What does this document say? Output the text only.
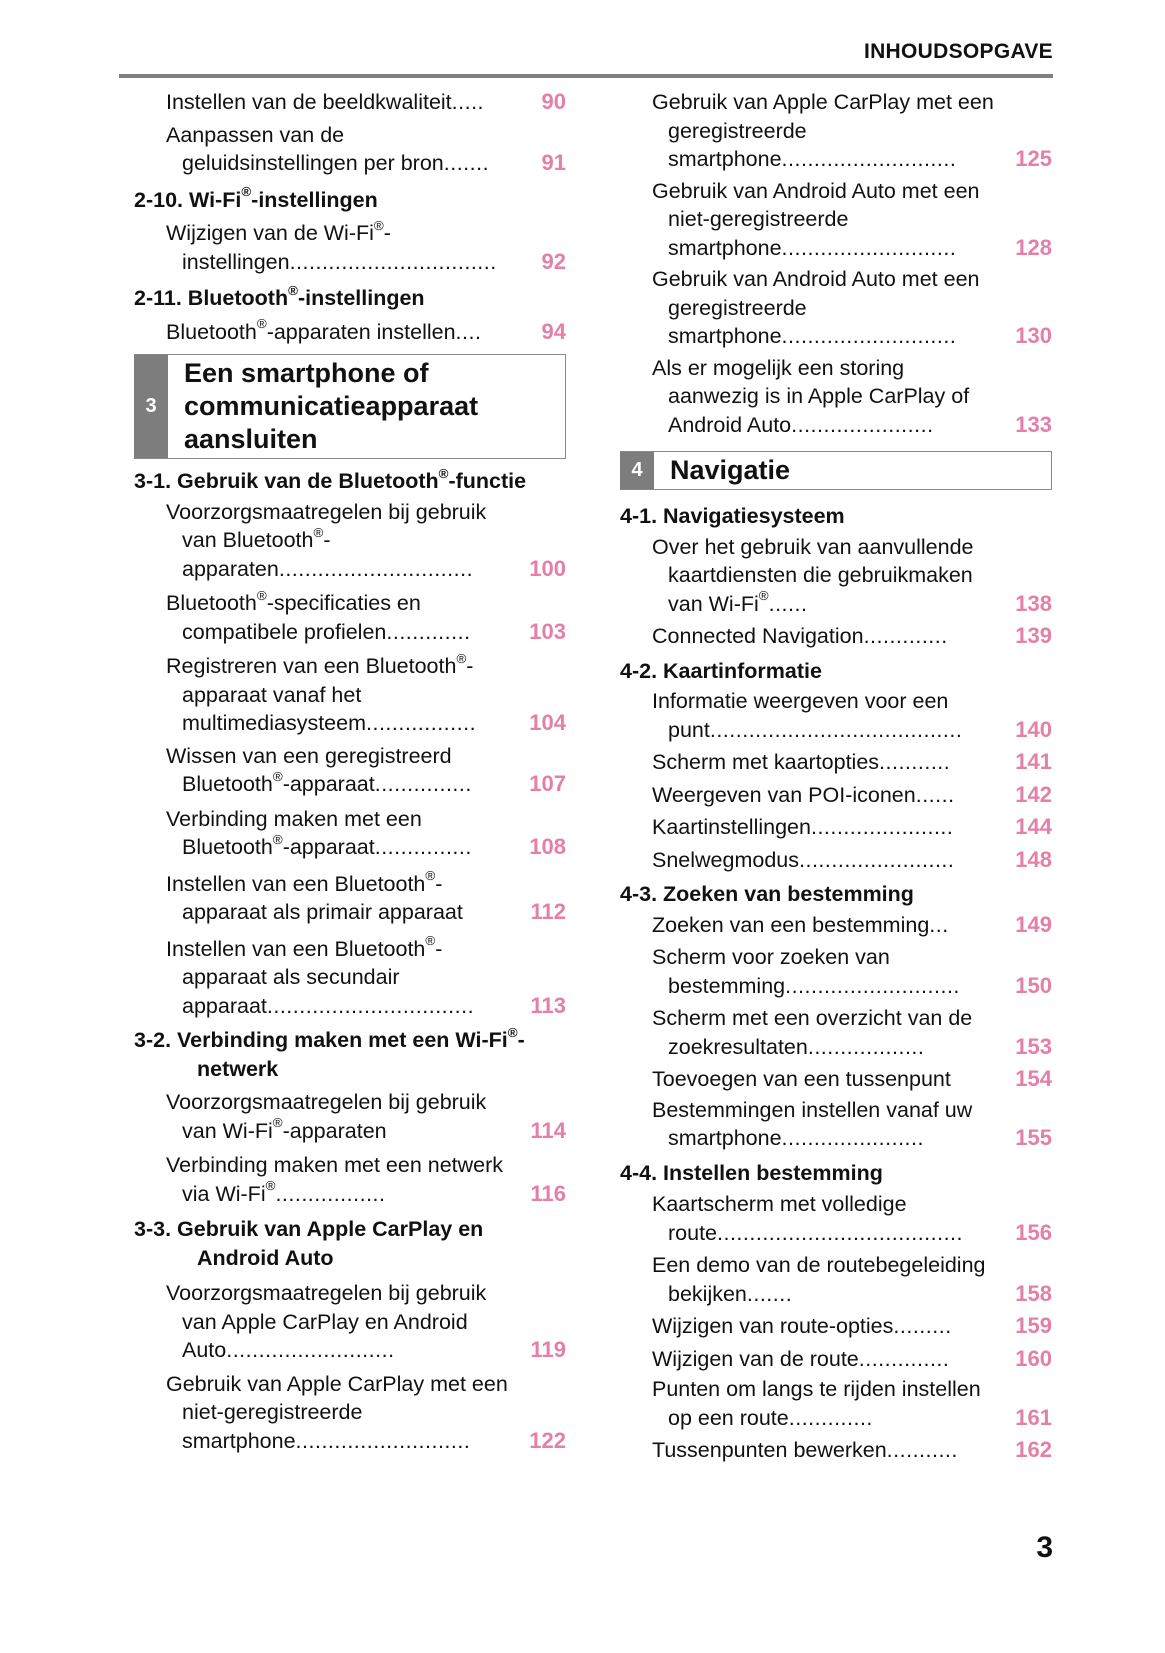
INHOUDSOPGAVE
Instellen van de beeldkwaliteit.....	90
Aanpassen van de geluidsinstellingen per bron.......	91
2-10. Wi-Fi®-instellingen
Wijzigen van de Wi-Fi®-instellingen................................	92
2-11. Bluetooth®-instellingen
Bluetooth®-apparaten instellen....	94
3
Een smartphone of
communicatieapparaat
aansluiten
3-1. Gebruik van de Bluetooth®-functie
Voorzorgsmaatregelen bij gebruik van Bluetooth®-apparaten..............................	100
Bluetooth®-specificaties en compatibele profielen.............	103
Registreren van een Bluetooth®-apparaat vanaf het multimediasysteem.................	104
Wissen van een geregistreerd Bluetooth®-apparaat...............	107
Verbinding maken met een Bluetooth®-apparaat...............	108
Instellen van een Bluetooth®-apparaat als primair apparaat	112
Instellen van een Bluetooth®-apparaat als secundair apparaat................................	113
3-2. Verbinding maken met een Wi-Fi®-netwerk
Voorzorgsmaatregelen bij gebruik van Wi-Fi®-apparaten	114
Verbinding maken met een netwerk via Wi-Fi®.................	116
3-3. Gebruik van Apple CarPlay en Android Auto
Voorzorgsmaatregelen bij gebruik van Apple CarPlay en Android Auto..........................	119
Gebruik van Apple CarPlay met een niet-geregistreerde smartphone...........................	122
Gebruik van Apple CarPlay met een geregistreerde smartphone...........................	125
Gebruik van Android Auto met een niet-geregistreerde smartphone...........................	128
Gebruik van Android Auto met een geregistreerde smartphone...........................	130
Als er mogelijk een storing aanwezig is in Apple CarPlay of Android Auto......................	133
4	Navigatie
4-1. Navigatiesysteem
Over het gebruik van aanvullende kaartdiensten die gebruikmaken van Wi-Fi®......	138
Connected Navigation.............	139
4-2. Kaartinformatie
Informatie weergeven voor een punt.......................................	140
Scherm met kaartopties...........	141
Weergeven van POI-iconen......	142
Kaartinstellingen......................	144
Snelwegmodus........................	148
4-3. Zoeken van bestemming
Zoeken van een bestemming...	149
Scherm voor zoeken van bestemming...........................	150
Scherm met een overzicht van de zoekresultaten..................	153
Toevoegen van een tussenpunt	154
Bestemmingen instellen vanaf uw smartphone......................	155
4-4. Instellen bestemming
Kaartscherm met volledige route......................................	156
Een demo van de routebegeleiding bekijken.......	158
Wijzigen van route-opties.........	159
Wijzigen van de route..............	160
Punten om langs te rijden instellen op een route.............	161
Tussenpunten bewerken...........	162
3
